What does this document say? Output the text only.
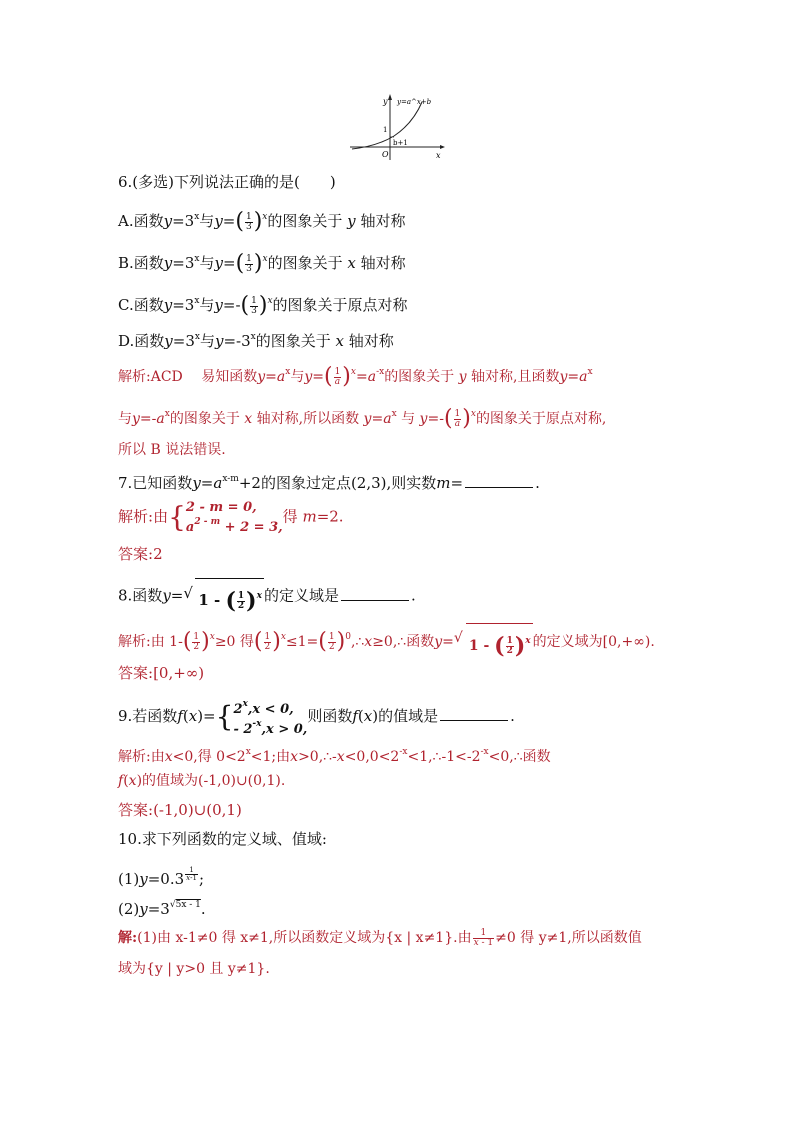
y
x
y=a^x+b
1
O
b+1
6.(多选)下列说法正确的是(　　)
A.函数$y=3^x$与$y=( \frac{1}{3} )^x$的图象关于 y 轴对称
B.函数$y=3^x$与$y=( \frac{1}{3} )^x$的图象关于 x 轴对称
C.函数$y=3^x$与$y=-( \frac{1}{3} )^x$的图象关于原点对称
D.函数$y=3^x$与$y=-3^x$的图象关于 x 轴对称
解析:ACD　 易知函数$y=a^x$与$y=( \frac{1}{a} )^x=a^{-x}$的图象关于 y 轴对称,且函数$y=a^x$
与$y=-a^x$的图象关于 x 轴对称,所以函数 $y=a^x$ 与 $y=-( \frac{1}{a} )^x$的图象关于原点对称,
所以 B 说法错误.
7.已知函数$y=a^{x-m}+2$的图象过定点(2,3),则实数m=	.
解析:由{2 - m = 0,
$a^{2 - m} + 2 = 3$,得 m=2.
答案:2
8.函数y= √ 1 - ( $\frac{1}{2} )^x$ 的定义域是	.
解析:由 $1-( \frac{1}{2} )^x\ge 0$ 得( $\frac{1}{2} )^x\le 1=( \frac{1}{2}$ )$^0,\therefore x\ge 0,\therefore$函数y= √ 1 - ( $\frac{1}{2} )^x$ 的定义域为[0,+∞).
答案:[0,+∞)
9.若函数$f(x)=\{2^x,x < 0$,
- $2^{-x},x > 0$,则函数f(x)的值域是	.
解析:由x<0,得 $0<2^x<1$;由$x>0,\therefore-x<0,0<2^{-x}<1,\therefore-1<-2^{-x}<0,\therefore$函数
f(x)的值域为(-1,0)∪(0,1).
答案:(-1,0)∪(0,1)
10.求下列函数的定义域、值域:
(1)y=0.3 $^{\frac{1}{x-1}}$ ;
$(2)y=3^{√5x - 1}$.
解:(1)由 x-1≠0 得 x≠1,所以函数定义域为{x | x≠1}.由 $\frac{1}{x - 1} \ne 0$ 得 y≠1,所以函数值
域为{y | y>0 且 y≠1}.
